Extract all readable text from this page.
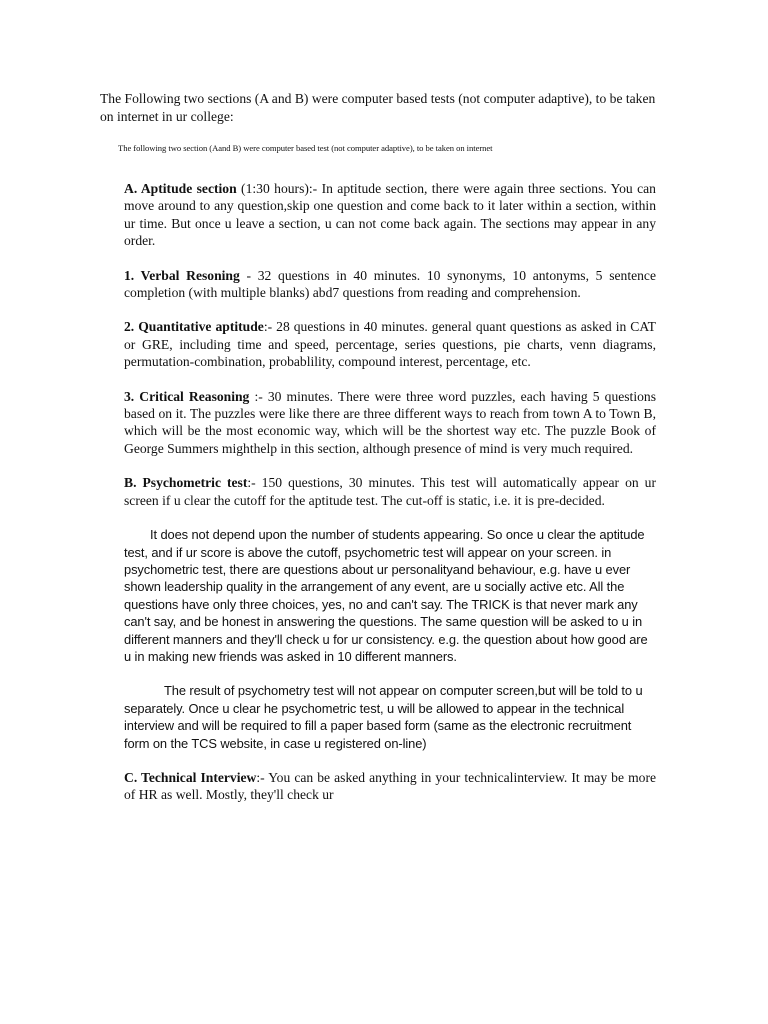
The Following two sections (A and B) were computer based tests (not computer adaptive), to be taken on internet in ur college:

The following two section (Aand B) were computer based test (not computer adaptive), to be taken on internet

A. Aptitude section (1:30 hours):- In aptitude section, there were again three sections. You can move around to any question,skip one question and come back to it later within a section, within ur time. But once u leave a section, u can not come back again. The sections may appear in any order.

1. Verbal Resoning - 32 questions in 40 minutes. 10 synonyms, 10 antonyms, 5 sentence completion (with multiple blanks) abd7 questions from reading and comprehension.

2. Quantitative aptitude:- 28 questions in 40 minutes. general quant questions as asked in CAT or GRE, including time and speed, percentage, series questions, pie charts, venn diagrams, permutation-combination, probablility, compound interest, percentage, etc.

3. Critical Reasoning :- 30 minutes. There were three word puzzles, each having 5 questions based on it. The puzzles were like there are three different ways to reach from town A to Town B, which will be the most economic way, which will be the shortest way etc. The puzzle Book of George Summers mighthelp in this section, although presence of mind is very much required.

B. Psychometric test:- 150 questions, 30 minutes. This test will automatically appear on ur screen if u clear the cutoff for the aptitude test. The cut-off is static, i.e. it is pre-decided.

It does not depend upon the number of students appearing. So once u clear the aptitude test, and if ur score is above the cutoff, psychometric test will appear on your screen. in psychometric test, there are questions about ur personalityand behaviour, e.g. have u ever shown leadership quality in the arrangement of any event, are u socially active etc. All the questions have only three choices, yes, no and can't say. The TRICK is that never mark any can't say, and be honest in answering the questions. The same question will be asked to u in different manners and they'll check u for ur consistency. e.g. the question about how good are u in making new friends was asked in 10 different manners.

The result of psychometry test will not appear on computer screen,but will be told to u separately. Once u clear he psychometric test, u will be allowed to appear in the technical interview and will be required to fill a paper based form (same as the electronic recruitment form on the TCS website, in case u registered on-line)

C. Technical Interview:- You can be asked anything in your technicalinterview. It may be more of HR as well. Mostly, they'll check ur
